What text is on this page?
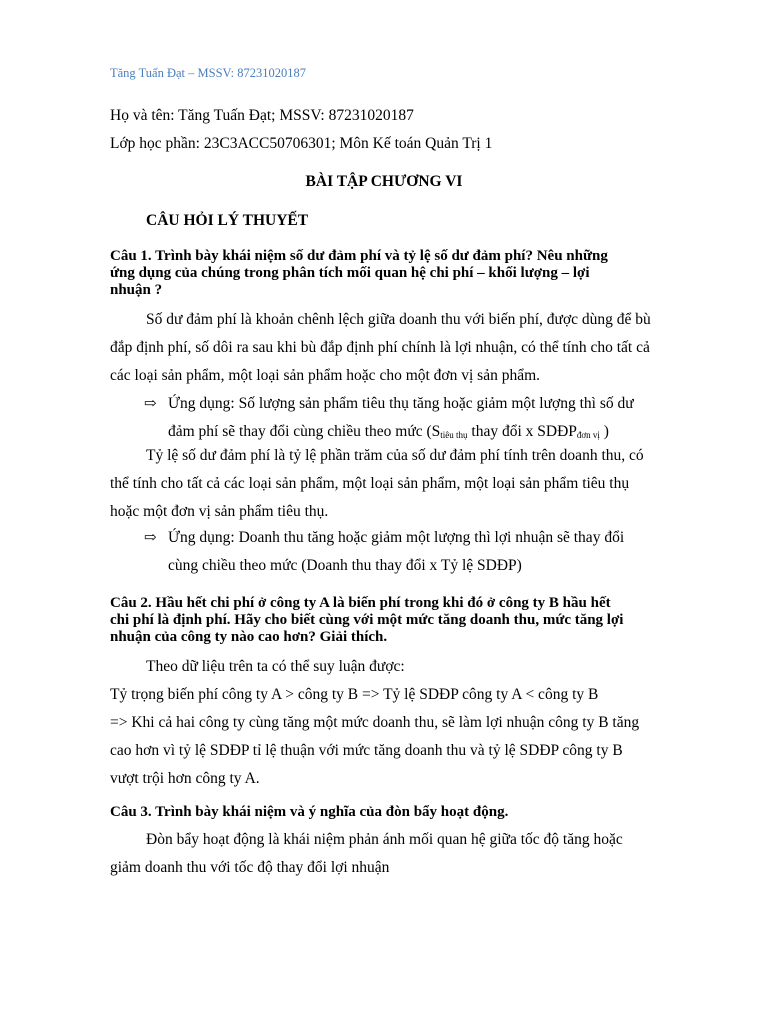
Tăng Tuấn Đạt – MSSV: 87231020187
Họ và tên: Tăng Tuấn Đạt; MSSV: 87231020187
Lớp học phần: 23C3ACC50706301; Môn Kế toán Quản Trị 1
BÀI TẬP CHƯƠNG VI
CÂU HỎI LÝ THUYẾT
Câu 1. Trình bày khái niệm số dư đảm phí và tỷ lệ số dư đảm phí? Nêu những
ứng dụng của chúng trong phân tích mối quan hệ chi phí – khối lượng – lợi
nhuận ?
Số dư đảm phí là khoản chênh lệch giữa doanh thu với biến phí, được dùng để bù
đắp định phí, số dôi ra sau khi bù đắp định phí chính là lợi nhuận, có thể tính cho tất cả
các loại sản phẩm, một loại sản phẩm hoặc cho một đơn vị sản phẩm.
⇨ Ứng dụng: Số lượng sản phẩm tiêu thụ tăng hoặc giảm một lượng thì số dư
đảm phí sẽ thay đổi cùng chiều theo mức ($S_{tiêu thụ}$ thay đổi x $SDĐP_{đơn vị}$ )
Tỷ lệ số dư đảm phí là tỷ lệ phần trăm của số dư đảm phí tính trên doanh thu, có
thể tính cho tất cả các loại sản phẩm, một loại sản phẩm, một loại sản phẩm tiêu thụ
hoặc một đơn vị sản phẩm tiêu thụ.
⇨ Ứng dụng: Doanh thu tăng hoặc giảm một lượng thì lợi nhuận sẽ thay đổi
cùng chiều theo mức (Doanh thu thay đổi x Tỷ lệ SDĐP)
Câu 2. Hầu hết chi phí ở công ty A là biến phí trong khi đó ở công ty B hầu hết
chi phí là định phí. Hãy cho biết cùng với một mức tăng doanh thu, mức tăng lợi
nhuận của công ty nào cao hơn? Giải thích.
Theo dữ liệu trên ta có thể suy luận được:
Tỷ trọng biến phí công ty A > công ty B => Tỷ lệ SDĐP công ty A < công ty B
=> Khi cả hai công ty cùng tăng một mức doanh thu, sẽ làm lợi nhuận công ty B tăng
cao hơn vì tỷ lệ SDĐP tỉ lệ thuận với mức tăng doanh thu và tỷ lệ SDĐP công ty B
vượt trội hơn công ty A.
Câu 3. Trình bày khái niệm và ý nghĩa của đòn bẩy hoạt động.
Đòn bẩy hoạt động là khái niệm phản ánh mối quan hệ giữa tốc độ tăng hoặc
giảm doanh thu với tốc độ thay đổi lợi nhuận
